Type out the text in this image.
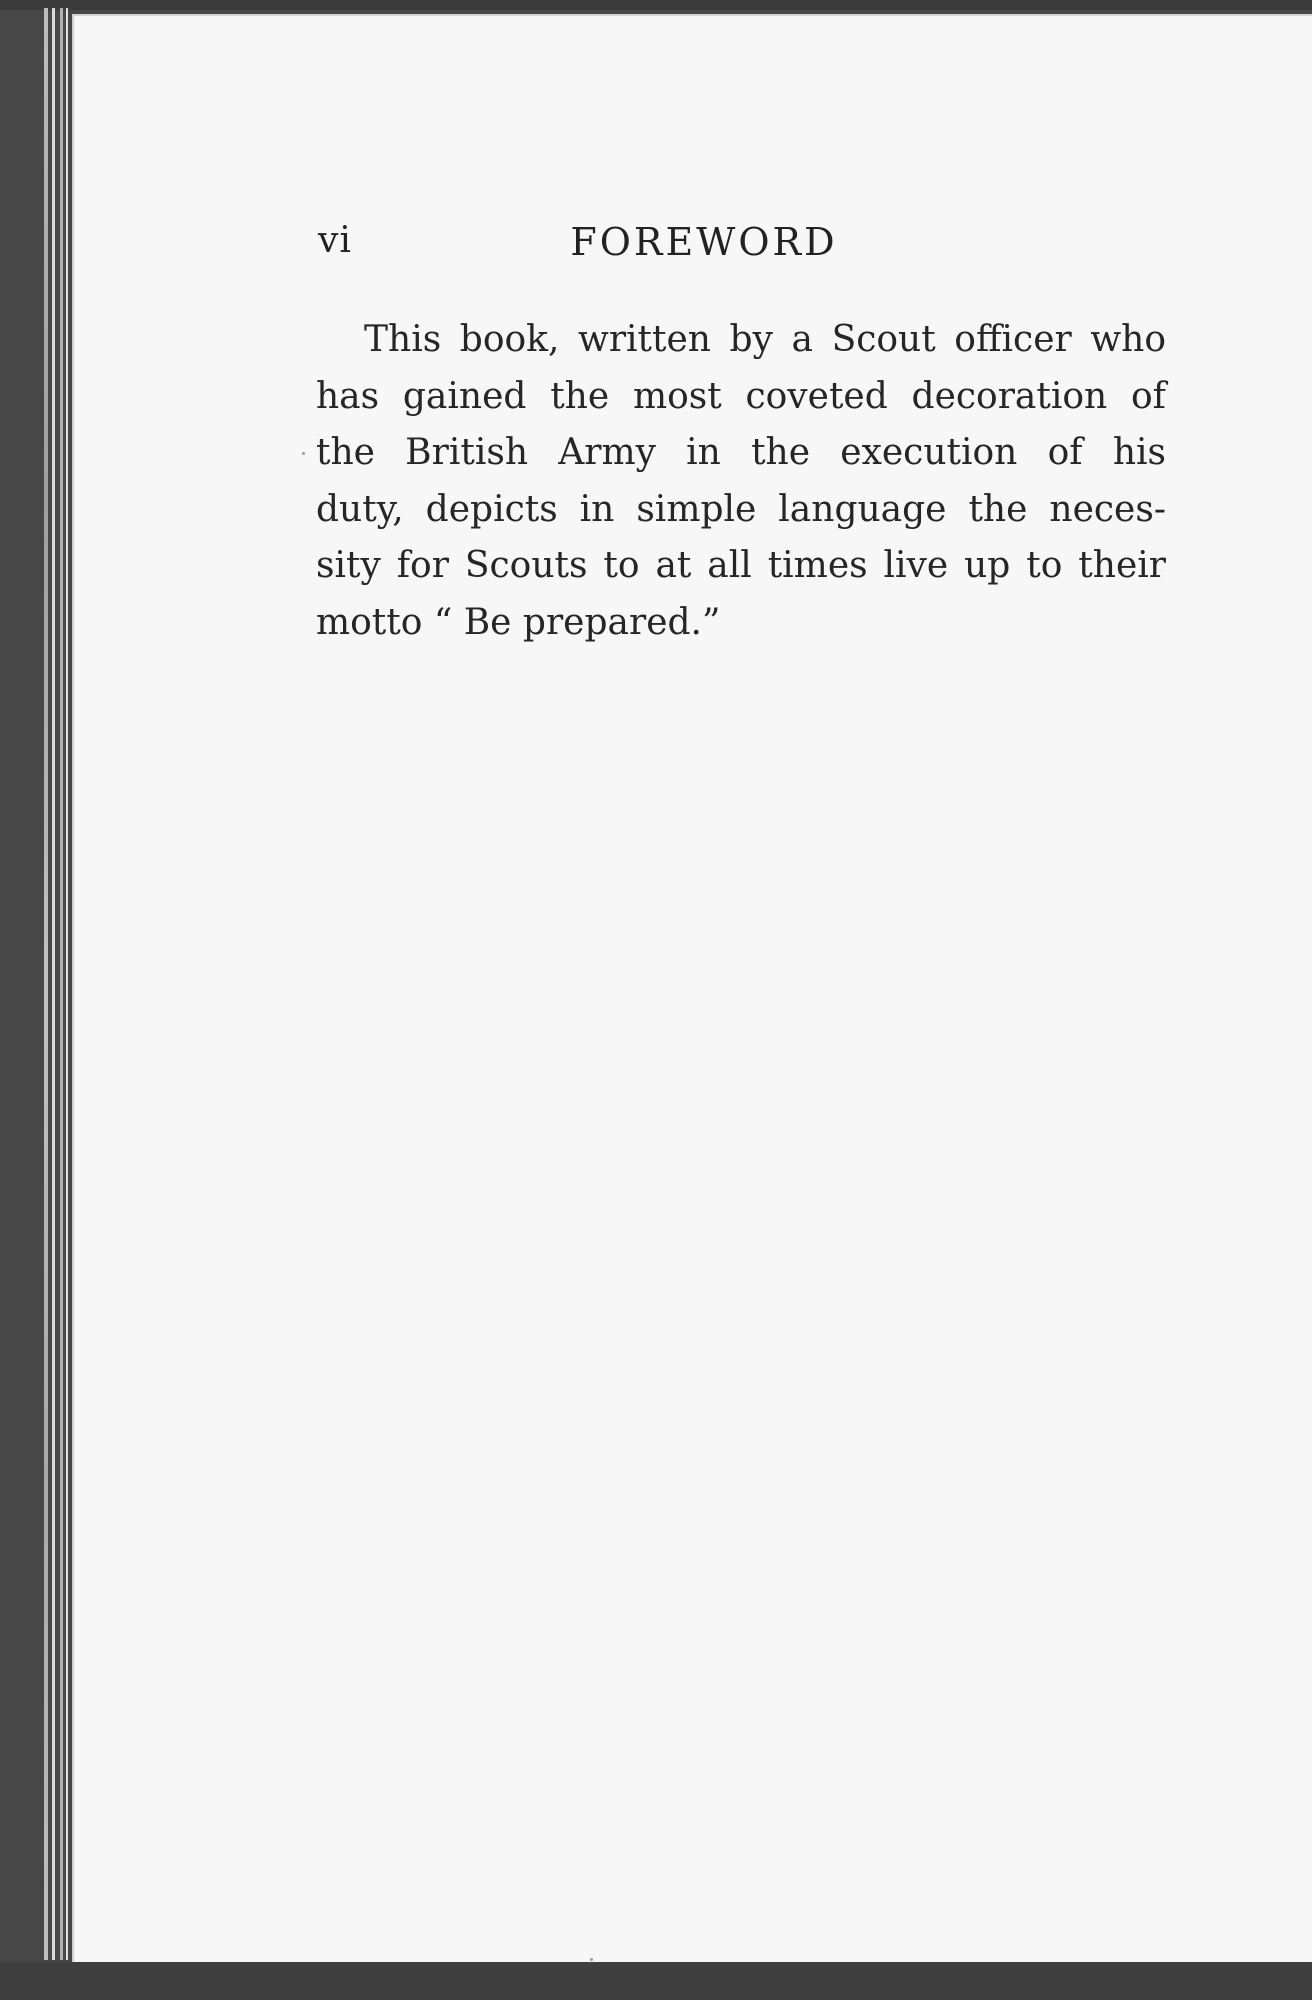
vi	FOREWORD

This book, written by a Scout officer who
has gained the most coveted decoration of
the British Army in the execution of his
duty, depicts in simple language the neces-
sity for Scouts to at all times live up to their
motto “ Be prepared.”
